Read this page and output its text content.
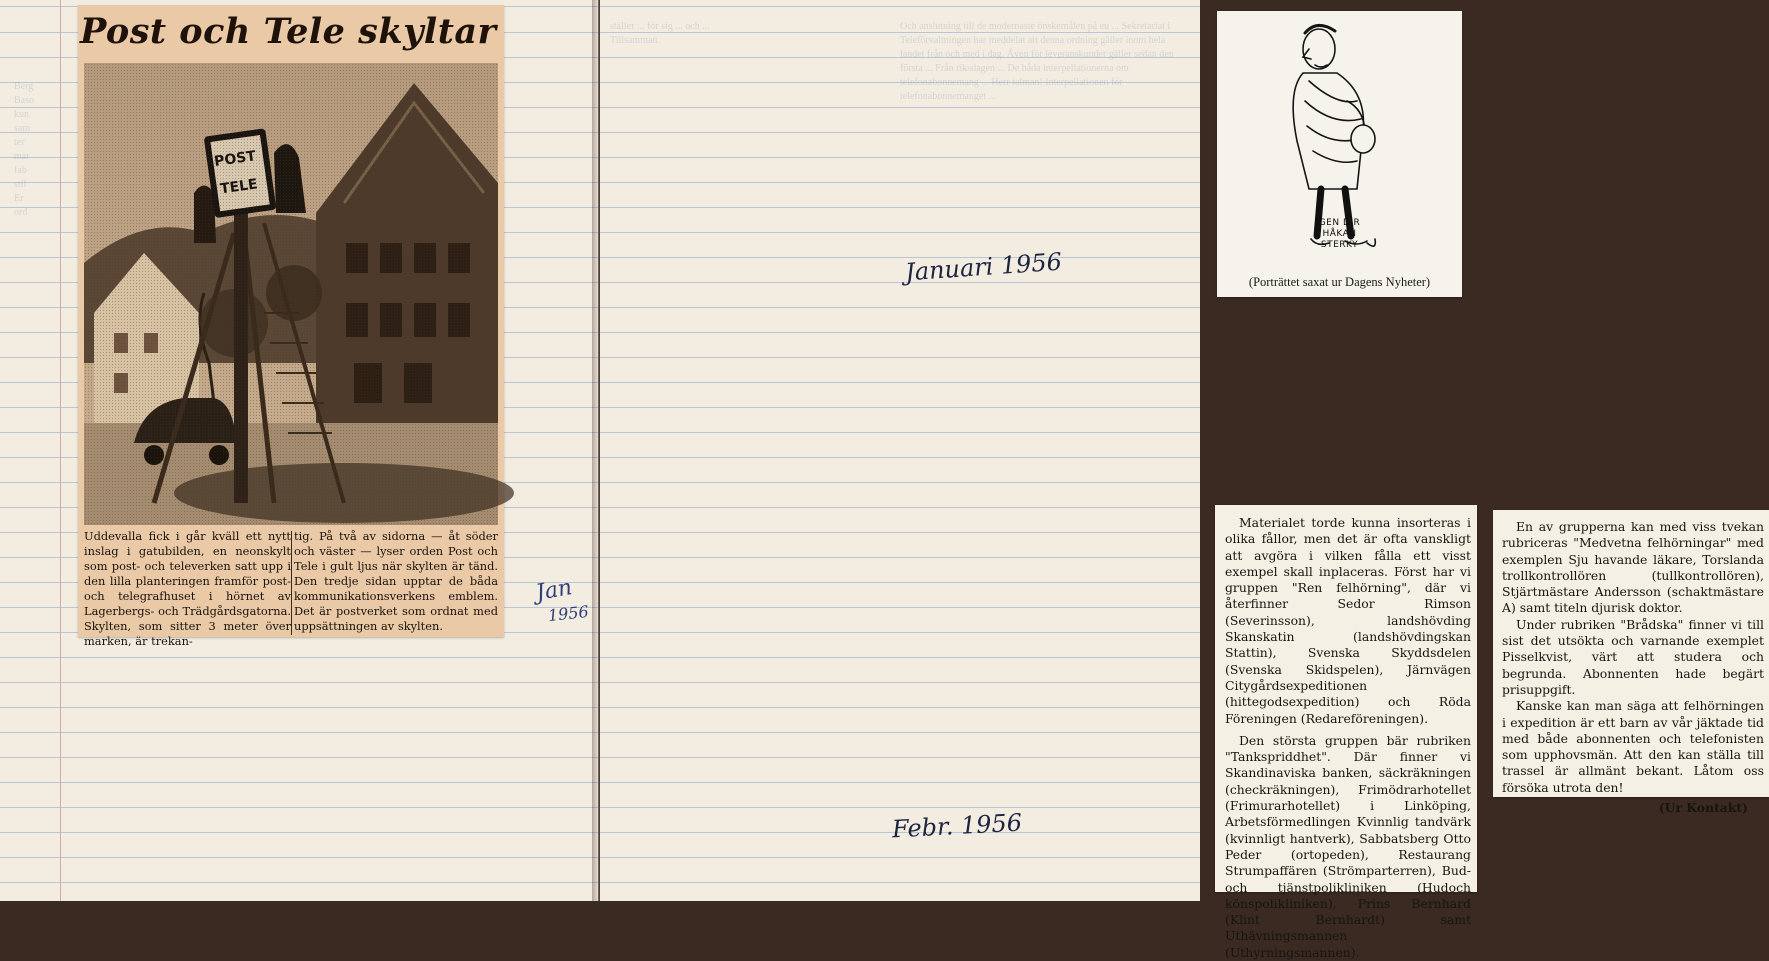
Berg
Baso
kun
sam
ter
mar
fab
stil
Er
ord
Post och Tele skyltar
POST
TELE
Uddevalla fick i går kväll ett nytt inslag i gatubilden, en neonskylt som post- och televerken satt upp i den lilla planteringen framför post- och telegrafhuset i hörnet av Lagerbergs- och Trädgårdsgatorna. Skylten, som sitter 3 meter över marken, är trekan-
tig. På två av sidorna — åt söder och väster — lyser orden Post och Tele i gult ljus när skylten är tänd. Den tredje sidan upptar de båda kommunikationsverkens emblem. Det är postverket som ordnat med uppsättningen av skylten.
Jan
1956
Och anslutning till de modernaste önskemålen på eu ... Sekretariat i Teleförvaltningen har meddelat att denna ordning gäller inom hela landet från och med i dag. Även för leveranskunder gäller sedan den första ... Från riksdagen ... De båda interpellationerna om telefonabonnemang ... Herr talman! Interpellationen för telefonabonnemanget ...
ställer ... för sig ... och ... Tillsamman
GEN DIR
HÅKAN
STERKY
(Porträttet saxat ur Dagens Nyheter)
Januari 1956

Materialet torde kunna insorteras i olika fållor, men det är ofta vanskligt att avgöra i vilken fålla ett visst exempel skall inplaceras. Först har vi gruppen "Ren felhörning", där vi återfinner Sedor Rimson (Severinsson), landshövding Skanskatin (landshövdingskan Stattin), Svenska Skyddsdelen (Svenska Skidspelen), Järnvägen Citygårdsexpeditionen (hittegodsexpedition) och Röda Föreningen (Redareföreningen).

Den största gruppen bär rubriken "Tankspriddhet". Där finner vi Skandinaviska banken, säckräkningen (checkräkningen), Frimödrarhotellet (Frimurarhotellet) i Linköping, Arbetsförmedlingen Kvinnlig tandvärk (kvinnligt hantverk), Sabbatsberg Otto Peder (ortopeden), Restaurang Strumpaffären (Strömparterren), Bud- och tjänstpolikliniken (Hudoch könspolikliniken), Prins Bernhard (Klint Bernhardt) samt Uthävningsmannen (Uthyrningsmannen).

En av grupperna kan med viss tvekan rubriceras "Medvetna felhörningar" med exemplen Sju havande läkare, Torslanda trollkontrollören (tullkontrollören), Stjärtmästare Andersson (schaktmästare A) samt titeln djurisk doktor.

Under rubriken "Brådska" finner vi till sist det utsökta och varnande exemplet Pisselkvist, värt att studera och begrunda. Abonnenten hade begärt prisuppgift.

Kanske kan man säga att felhörningen i expedition är ett barn av vår jäktade tid med både abonnenten och telefonisten som upphovsmän. Att den kan ställa till trassel är allmänt bekant. Låtom oss försöka utrota den!

(Ur Kontakt)
Febr. 1956
